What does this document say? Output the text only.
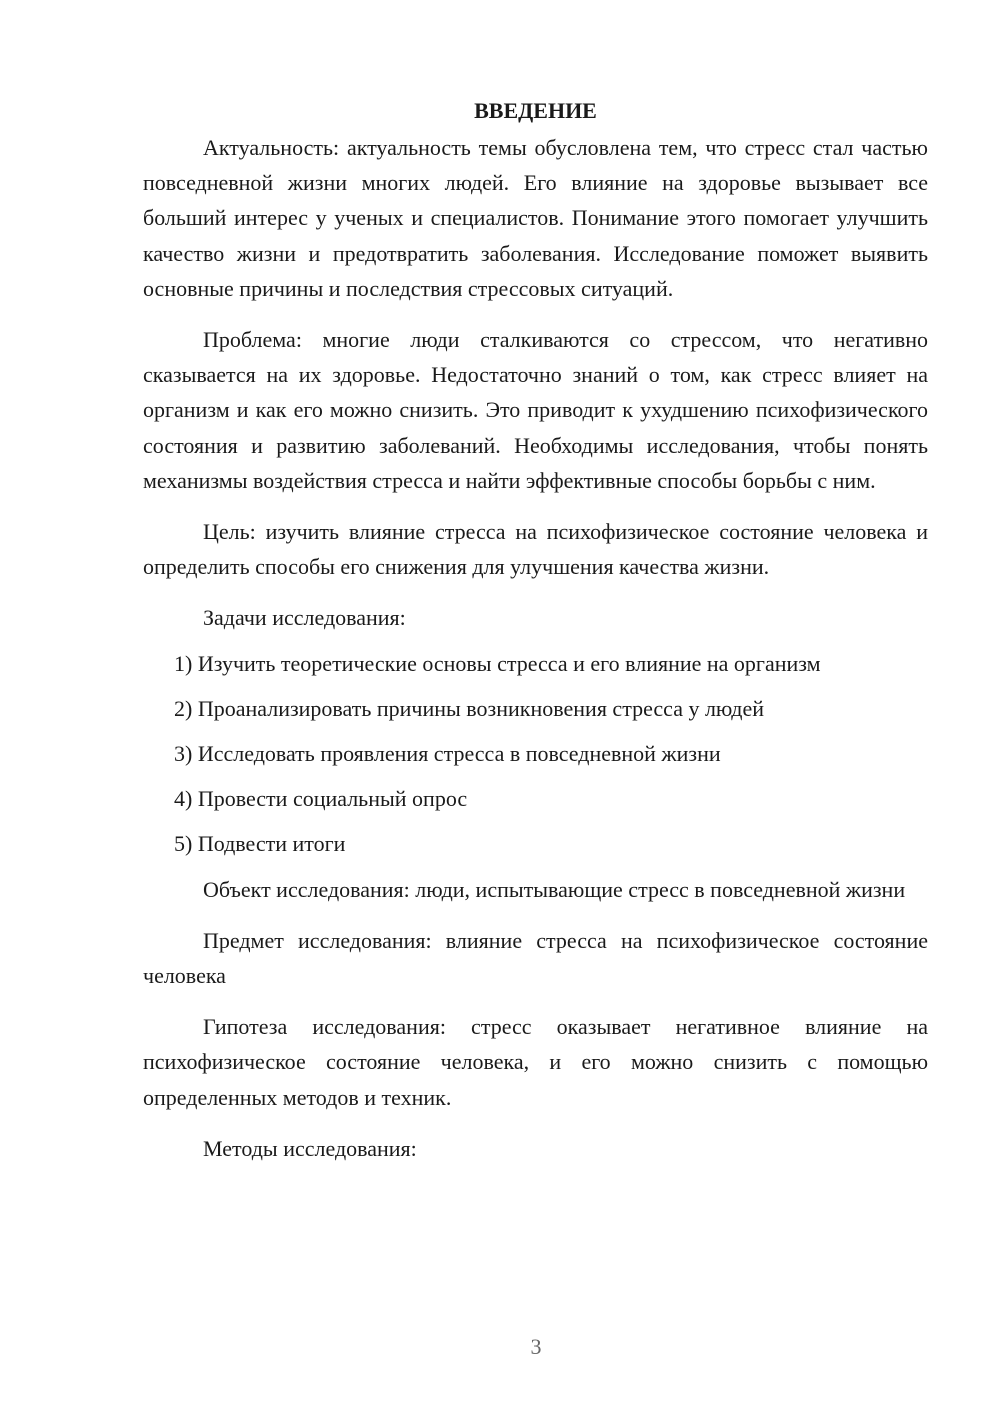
ВВЕДЕНИЕ

Актуальность: актуальность темы обусловлена тем, что стресс стал частью повседневной жизни многих людей. Его влияние на здоровье вызывает все больший интерес у ученых и специалистов. Понимание этого помогает улучшить качество жизни и предотвратить заболевания. Исследование поможет выявить основные причины и последствия стрессовых ситуаций.

Проблема: многие люди сталкиваются со стрессом, что негативно сказывается на их здоровье. Недостаточно знаний о том, как стресс влияет на организм и как его можно снизить. Это приводит к ухудшению психофизического состояния и развитию заболеваний. Необходимы исследования, чтобы понять механизмы воздействия стресса и найти эффективные способы борьбы с ним.

Цель: изучить влияние стресса на психофизическое состояние человека и определить способы его снижения для улучшения качества жизни.

Задачи исследования:

1) Изучить теоретические основы стресса и его влияние на организм
2) Проанализировать причины возникновения стресса у людей
3) Исследовать проявления стресса в повседневной жизни
4) Провести социальный опрос
5) Подвести итоги

Объект исследования: люди, испытывающие стресс в повседневной жизни

Предмет исследования: влияние стресса на психофизическое состояние человека

Гипотеза исследования: стресс оказывает негативное влияние на психофизическое состояние человека, и его можно снизить с помощью определенных методов и техник.

Методы исследования:

3
